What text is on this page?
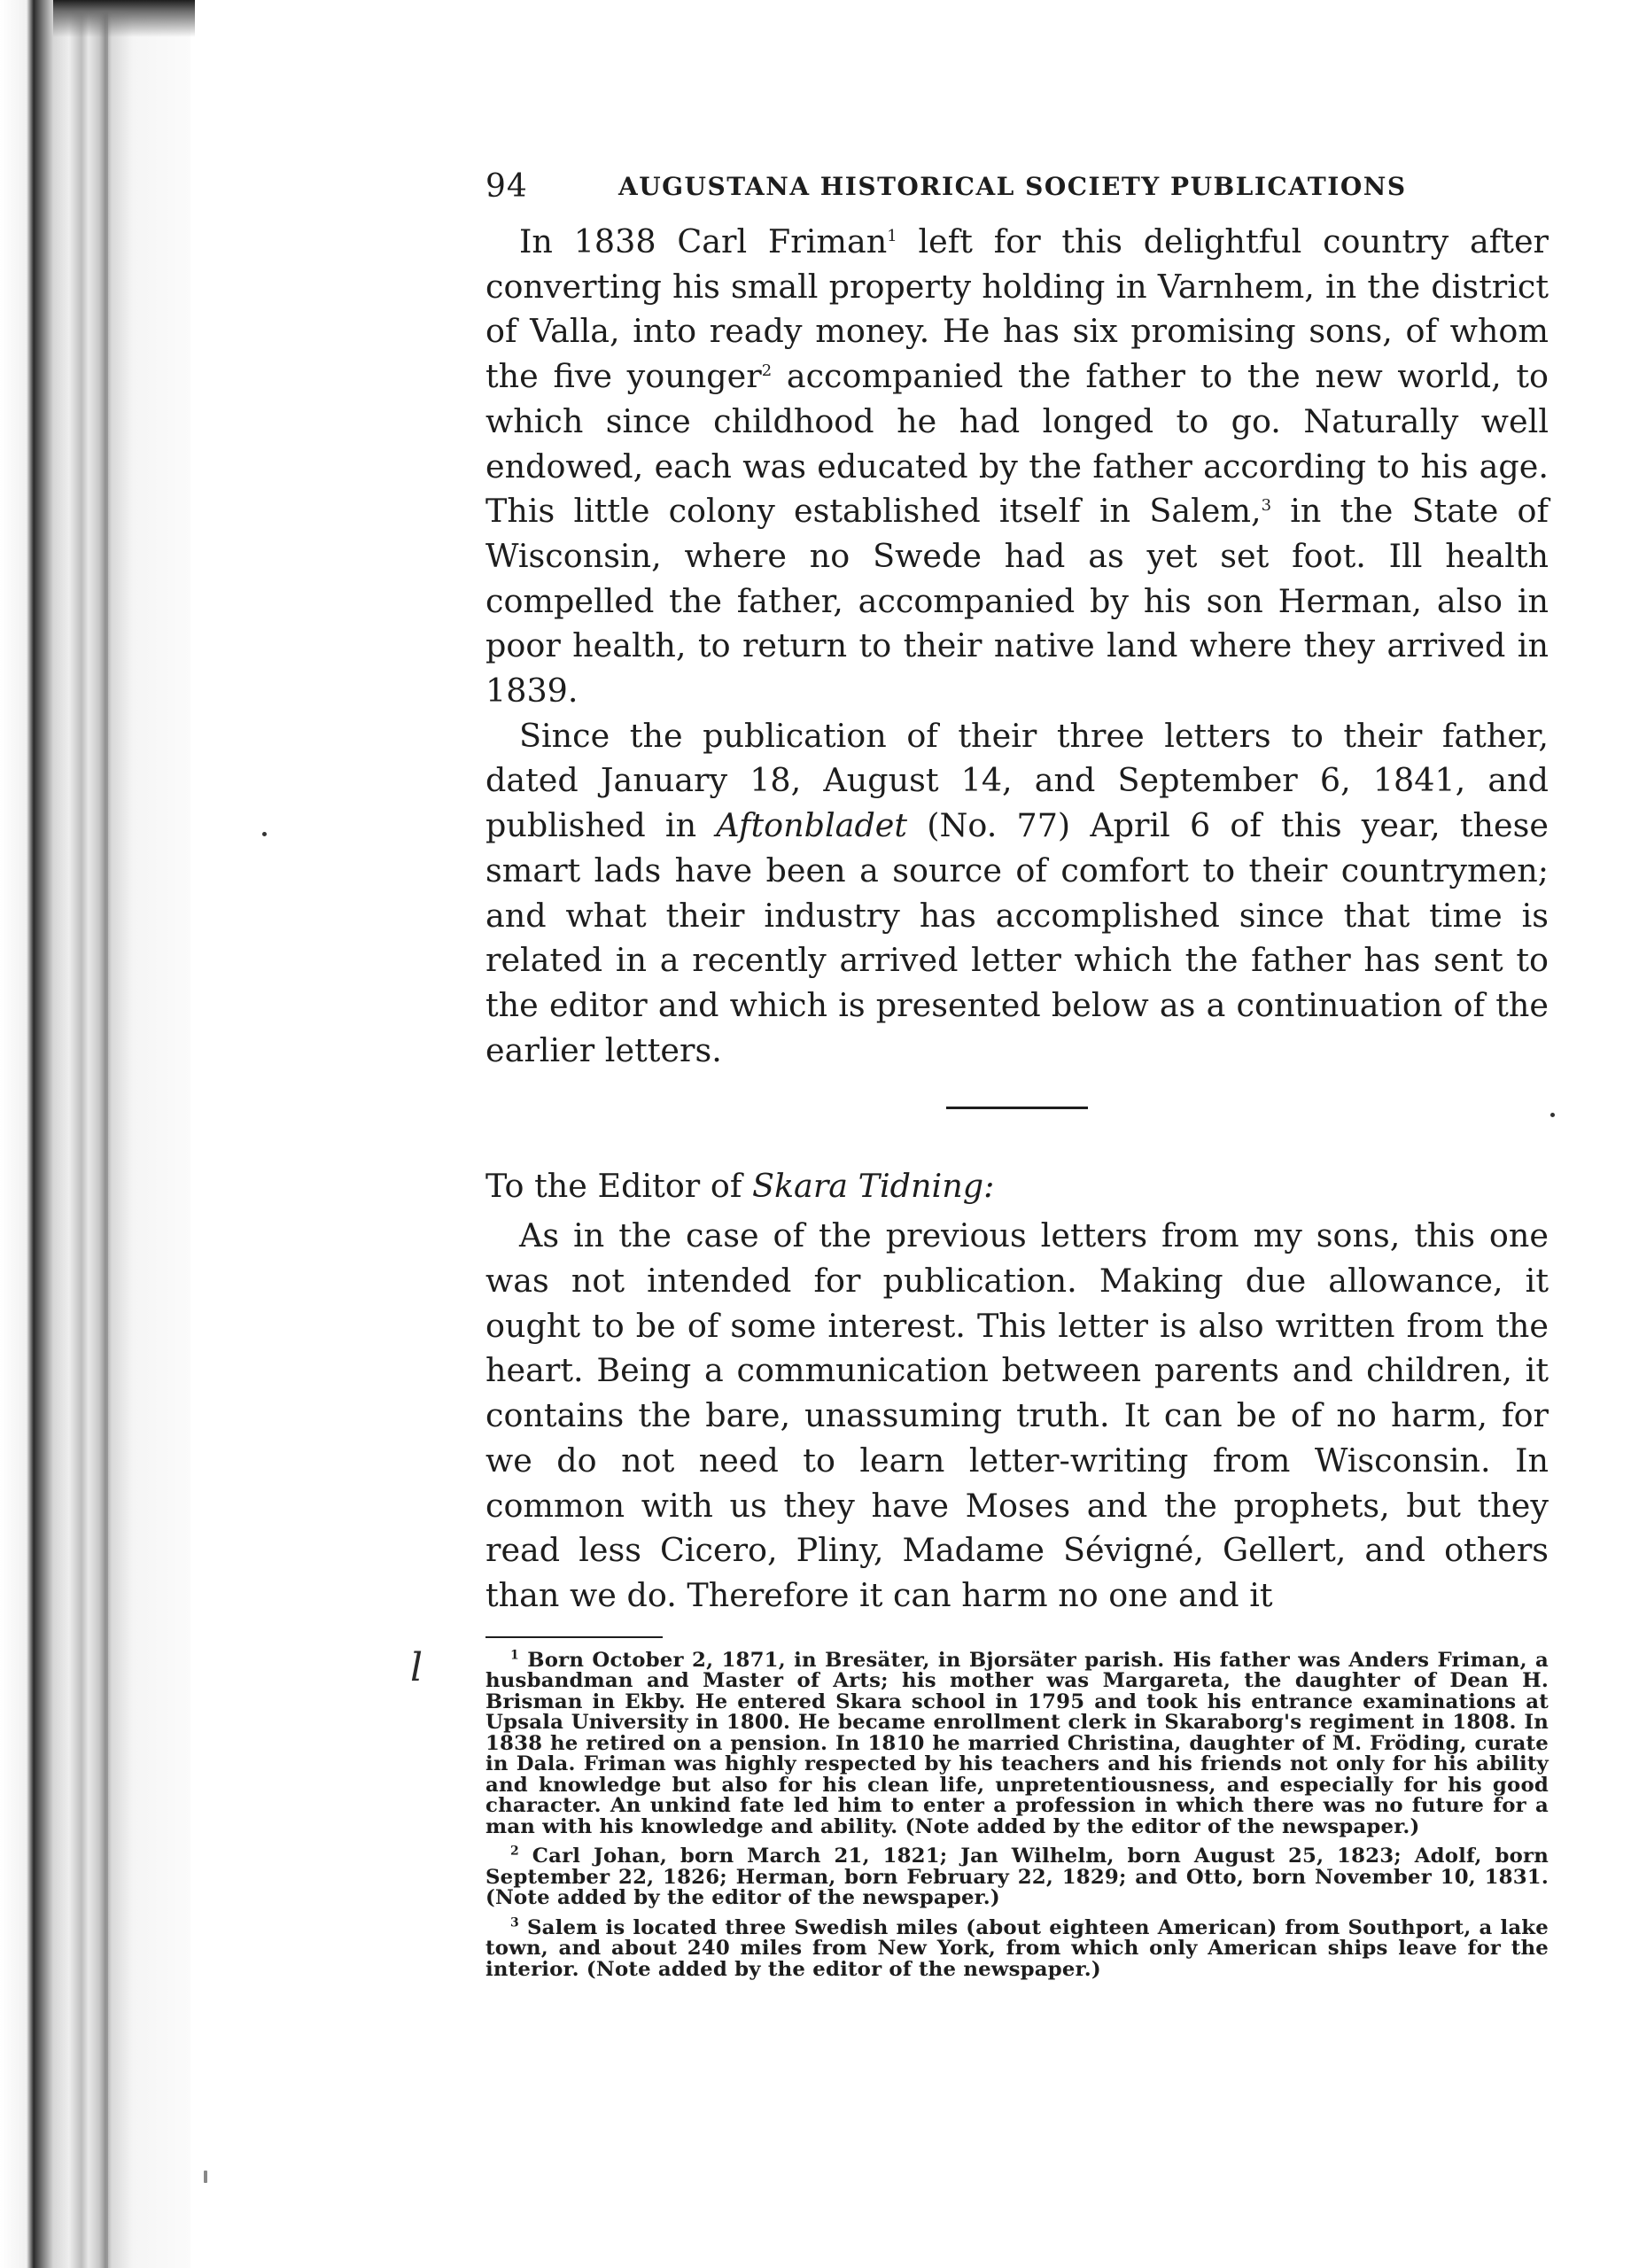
l
94	AUGUSTANA HISTORICAL SOCIETY PUBLICATIONS

In 1838 Carl Friman$^1$ left for this delightful country after converting his small property holding in Varnhem, in the district of Valla, into ready money. He has six promising sons, of whom the five younger$^2$ accompanied the father to the new world, to which since childhood he had longed to go. Naturally well endowed, each was educated by the father according to his age. This little colony established itself in Salem,$^3$ in the State of Wisconsin, where no Swede had as yet set foot. Ill health compelled the father, accompanied by his son Herman, also in poor health, to return to their native land where they arrived in 1839.

Since the publication of their three letters to their father, dated January 18, August 14, and September 6, 1841, and published in Aftonbladet (No. 77) April 6 of this year, these smart lads have been a source of comfort to their countrymen; and what their industry has accomplished since that time is related in a recently arrived letter which the father has sent to the editor and which is presented below as a continuation of the earlier letters.

To the Editor of Skara Tidning:

As in the case of the previous letters from my sons, this one was not intended for publication. Making due allowance, it ought to be of some interest. This letter is also written from the heart. Being a communication between parents and children, it contains the bare, unassuming truth. It can be of no harm, for we do not need to learn letter-writing from Wisconsin. In common with us they have Moses and the prophets, but they read less Cicero, Pliny, Madame Sévigné, Gellert, and others than we do. Therefore it can harm no one and it

$^1$ Born October 2, 1871, in Bresäter, in Bjorsäter parish. His father was Anders Friman, a husbandman and Master of Arts; his mother was Margareta, the daughter of Dean H. Brisman in Ekby. He entered Skara school in 1795 and took his entrance examinations at Upsala University in 1800. He became enrollment clerk in Skaraborg's regiment in 1808. In 1838 he retired on a pension. In 1810 he married Christina, daughter of M. Fröding, curate in Dala. Friman was highly respected by his teachers and his friends not only for his ability and knowledge but also for his clean life, unpretentiousness, and especially for his good character. An unkind fate led him to enter a profession in which there was no future for a man with his knowledge and ability. (Note added by the editor of the newspaper.)

$^2$ Carl Johan, born March 21, 1821; Jan Wilhelm, born August 25, 1823; Adolf, born September 22, 1826; Herman, born February 22, 1829; and Otto, born November 10, 1831. (Note added by the editor of the newspaper.)

$^3$ Salem is located three Swedish miles (about eighteen American) from Southport, a lake town, and about 240 miles from New York, from which only American ships leave for the interior. (Note added by the editor of the newspaper.)
